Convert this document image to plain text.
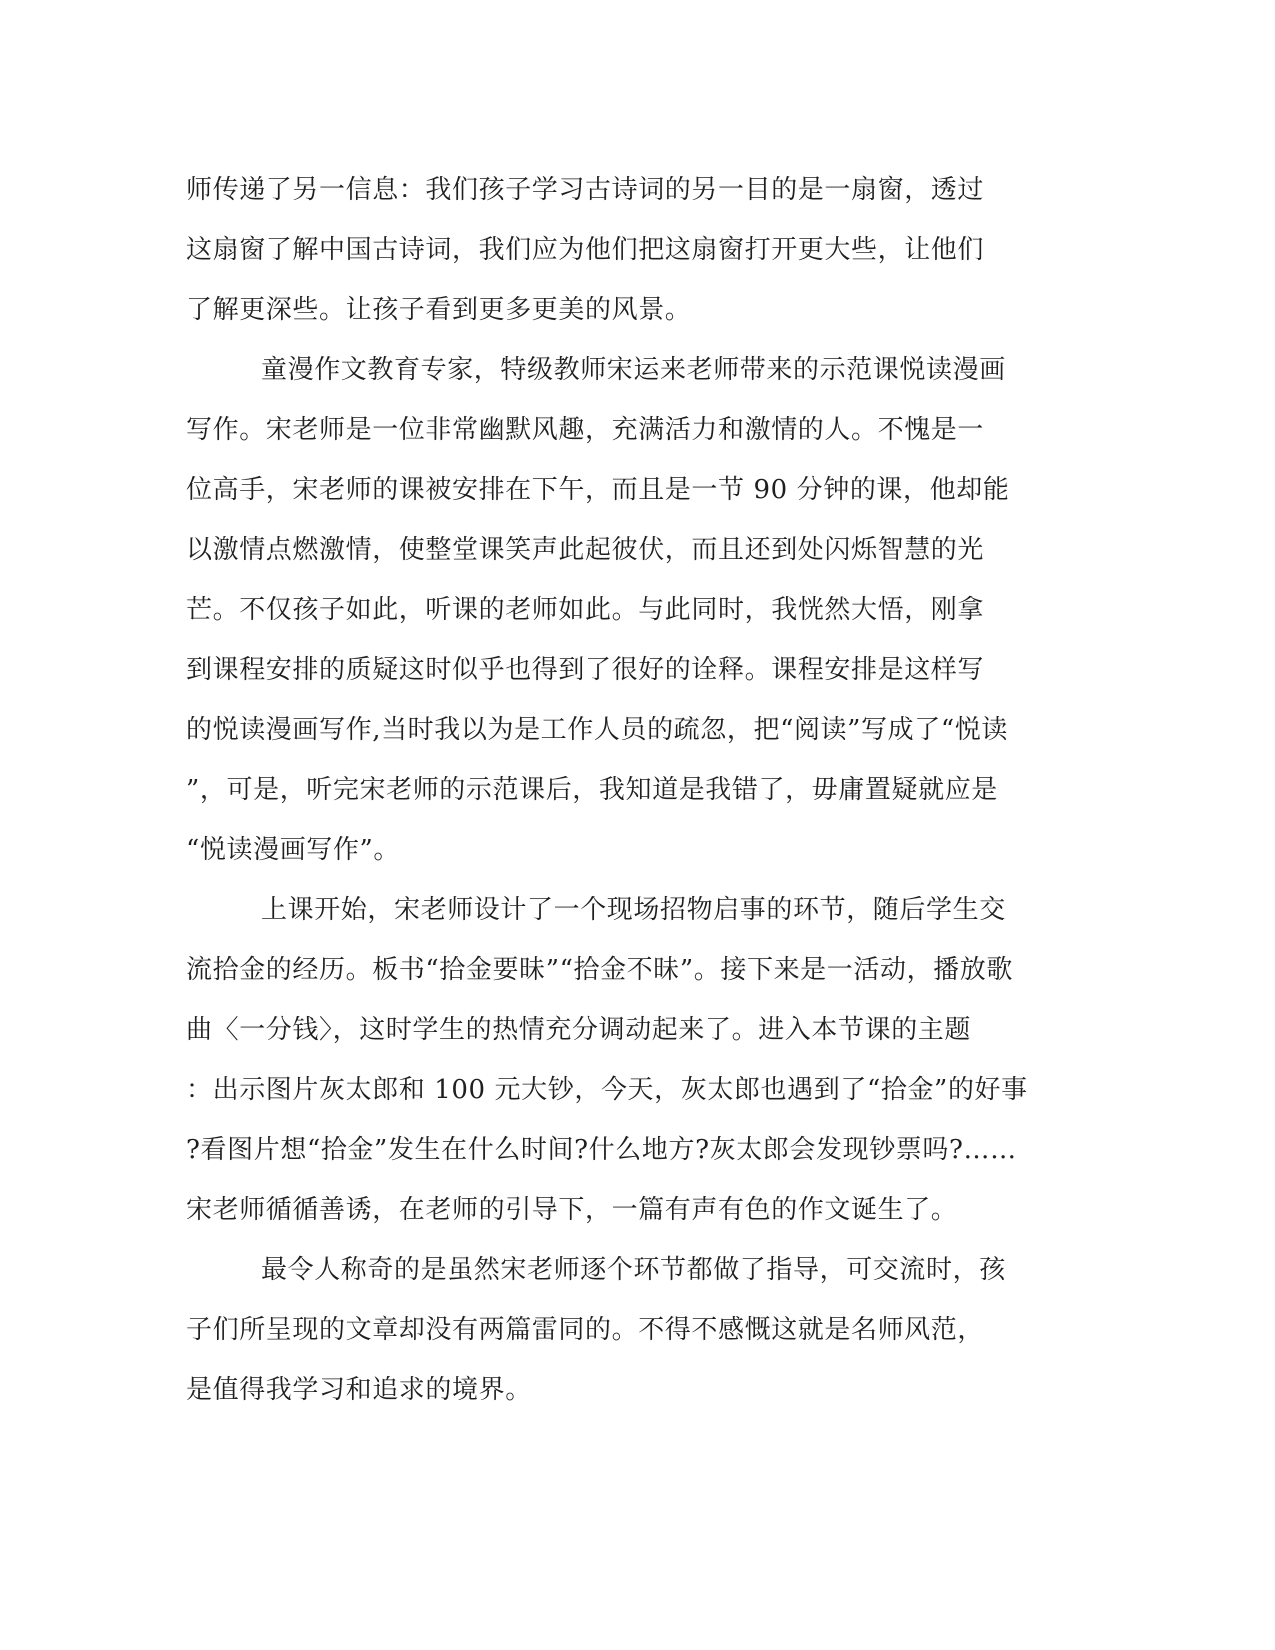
师传递了另一信息：我们孩子学习古诗词的另一目的是一扇窗，透过
这扇窗了解中国古诗词，我们应为他们把这扇窗打开更大些，让他们
了解更深些。让孩子看到更多更美的风景。
童漫作文教育专家，特级教师宋运来老师带来的示范课悦读漫画
写作。宋老师是一位非常幽默风趣，充满活力和激情的人。不愧是一
位高手，宋老师的课被安排在下午，而且是一节 90 分钟的课，他却能
以激情点燃激情，使整堂课笑声此起彼伏，而且还到处闪烁智慧的光
芒。不仅孩子如此，听课的老师如此。与此同时，我恍然大悟，刚拿
到课程安排的质疑这时似乎也得到了很好的诠释。课程安排是这样写
的悦读漫画写作,当时我以为是工作人员的疏忽，把“阅读”写成了“悦读
”，可是，听完宋老师的示范课后，我知道是我错了，毋庸置疑就应是
“悦读漫画写作”。
上课开始，宋老师设计了一个现场招物启事的环节，随后学生交
流拾金的经历。板书“拾金要昧”“拾金不昧”。接下来是一活动，播放歌
曲〈一分钱〉，这时学生的热情充分调动起来了。进入本节课的主题
：出示图片灰太郎和 100 元大钞，今天，灰太郎也遇到了“拾金”的好事
?看图片想“拾金”发生在什么时间?什么地方?灰太郎会发现钞票吗?……
宋老师循循善诱，在老师的引导下，一篇有声有色的作文诞生了。
最令人称奇的是虽然宋老师逐个环节都做了指导，可交流时，孩
子们所呈现的文章却没有两篇雷同的。不得不感慨这就是名师风范，
是值得我学习和追求的境界。
